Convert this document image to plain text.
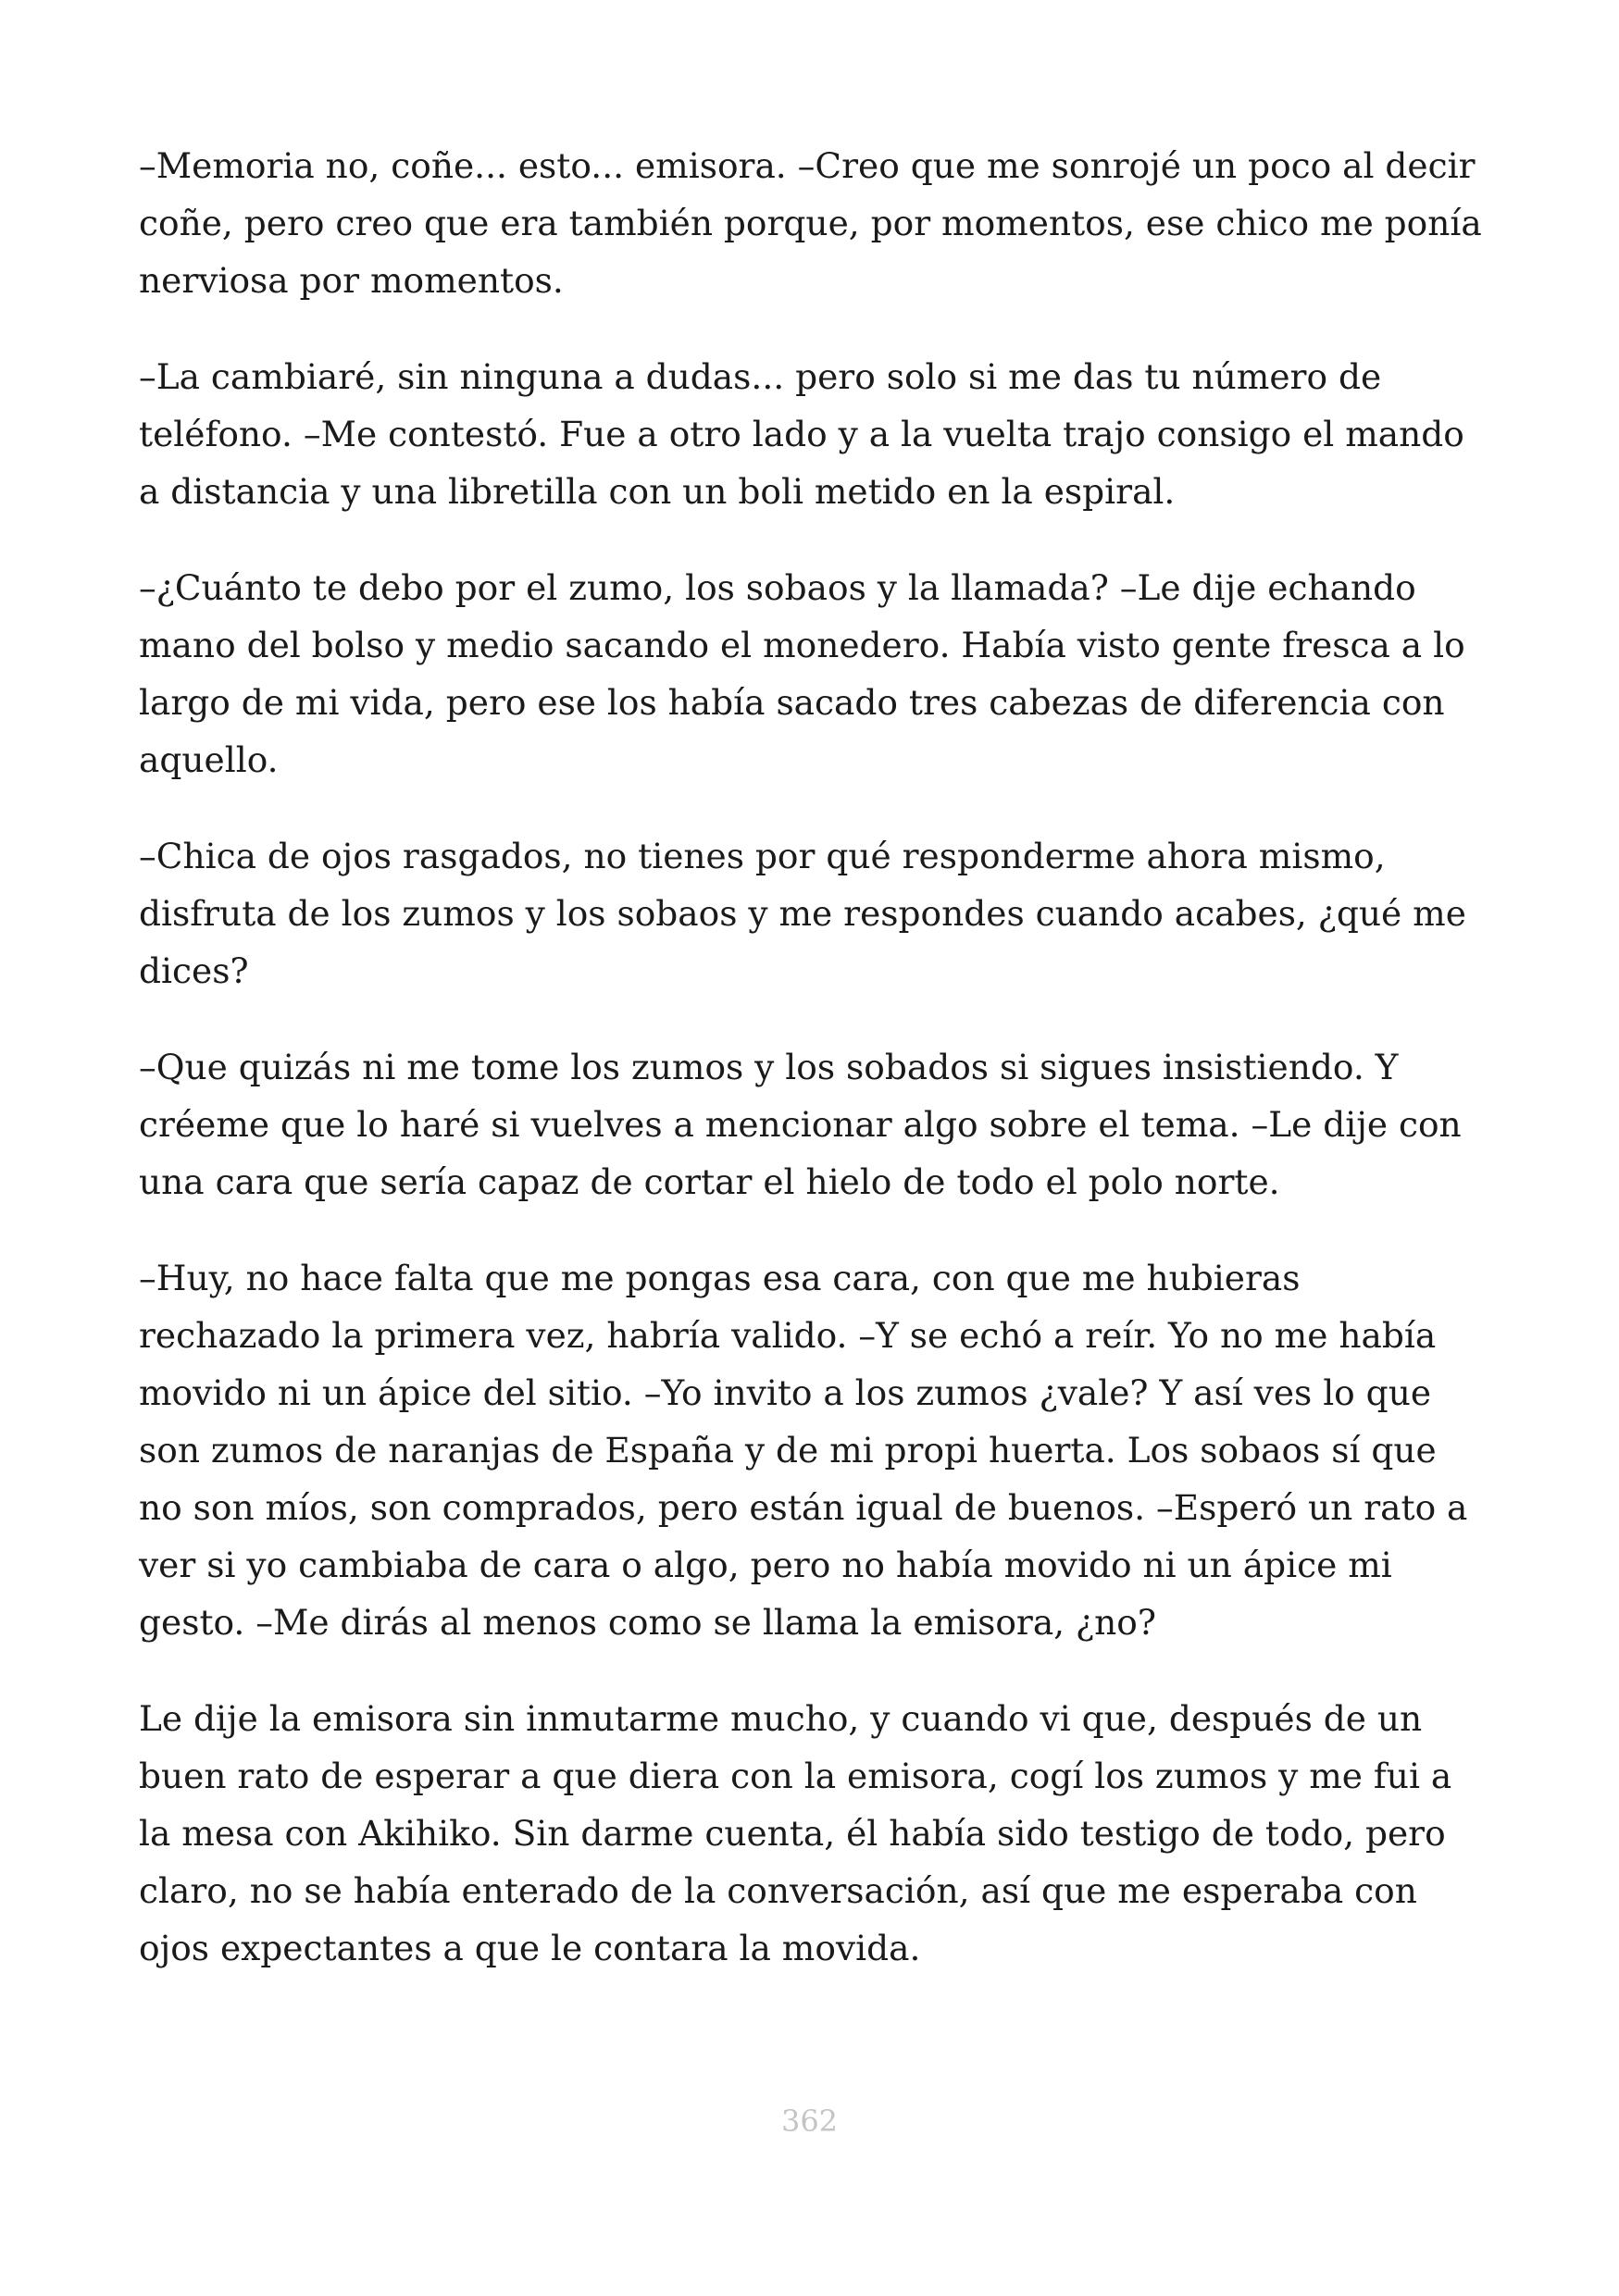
–Memoria no, coñe... esto... emisora. –Creo que me sonrojé un poco al decir coñe, pero creo que era también porque, por momentos, ese chico me ponía nerviosa por momentos.

–La cambiaré, sin ninguna a dudas... pero solo si me das tu número de teléfono. –Me contestó. Fue a otro lado y a la vuelta trajo consigo el mando a distancia y una libretilla con un boli metido en la espiral.

–¿Cuánto te debo por el zumo, los sobaos y la llamada? –Le dije echando mano del bolso y medio sacando el monedero. Había visto gente fresca a lo largo de mi vida, pero ese los había sacado tres cabezas de diferencia con aquello.

–Chica de ojos rasgados, no tienes por qué responderme ahora mismo, disfruta de los zumos y los sobaos y me respondes cuando acabes, ¿qué me dices?

–Que quizás ni me tome los zumos y los sobados si sigues insistiendo. Y créeme que lo haré si vuelves a mencionar algo sobre el tema. –Le dije con una cara que sería capaz de cortar el hielo de todo el polo norte.

–Huy, no hace falta que me pongas esa cara, con que me hubieras rechazado la primera vez, habría valido. –Y se echó a reír. Yo no me había movido ni un ápice del sitio. –Yo invito a los zumos ¿vale? Y así ves lo que son zumos de naranjas de España y de mi propi huerta. Los sobaos sí que no son míos, son comprados, pero están igual de buenos. –Esperó un rato a ver si yo cambiaba de cara o algo, pero no había movido ni un ápice mi gesto. –Me dirás al menos como se llama la emisora, ¿no?

Le dije la emisora sin inmutarme mucho, y cuando vi que, después de un buen rato de esperar a que diera con la emisora, cogí los zumos y me fui a la mesa con Akihiko. Sin darme cuenta, él había sido testigo de todo, pero claro, no se había enterado de la conversación, así que me esperaba con ojos expectantes a que le contara la movida.

362
